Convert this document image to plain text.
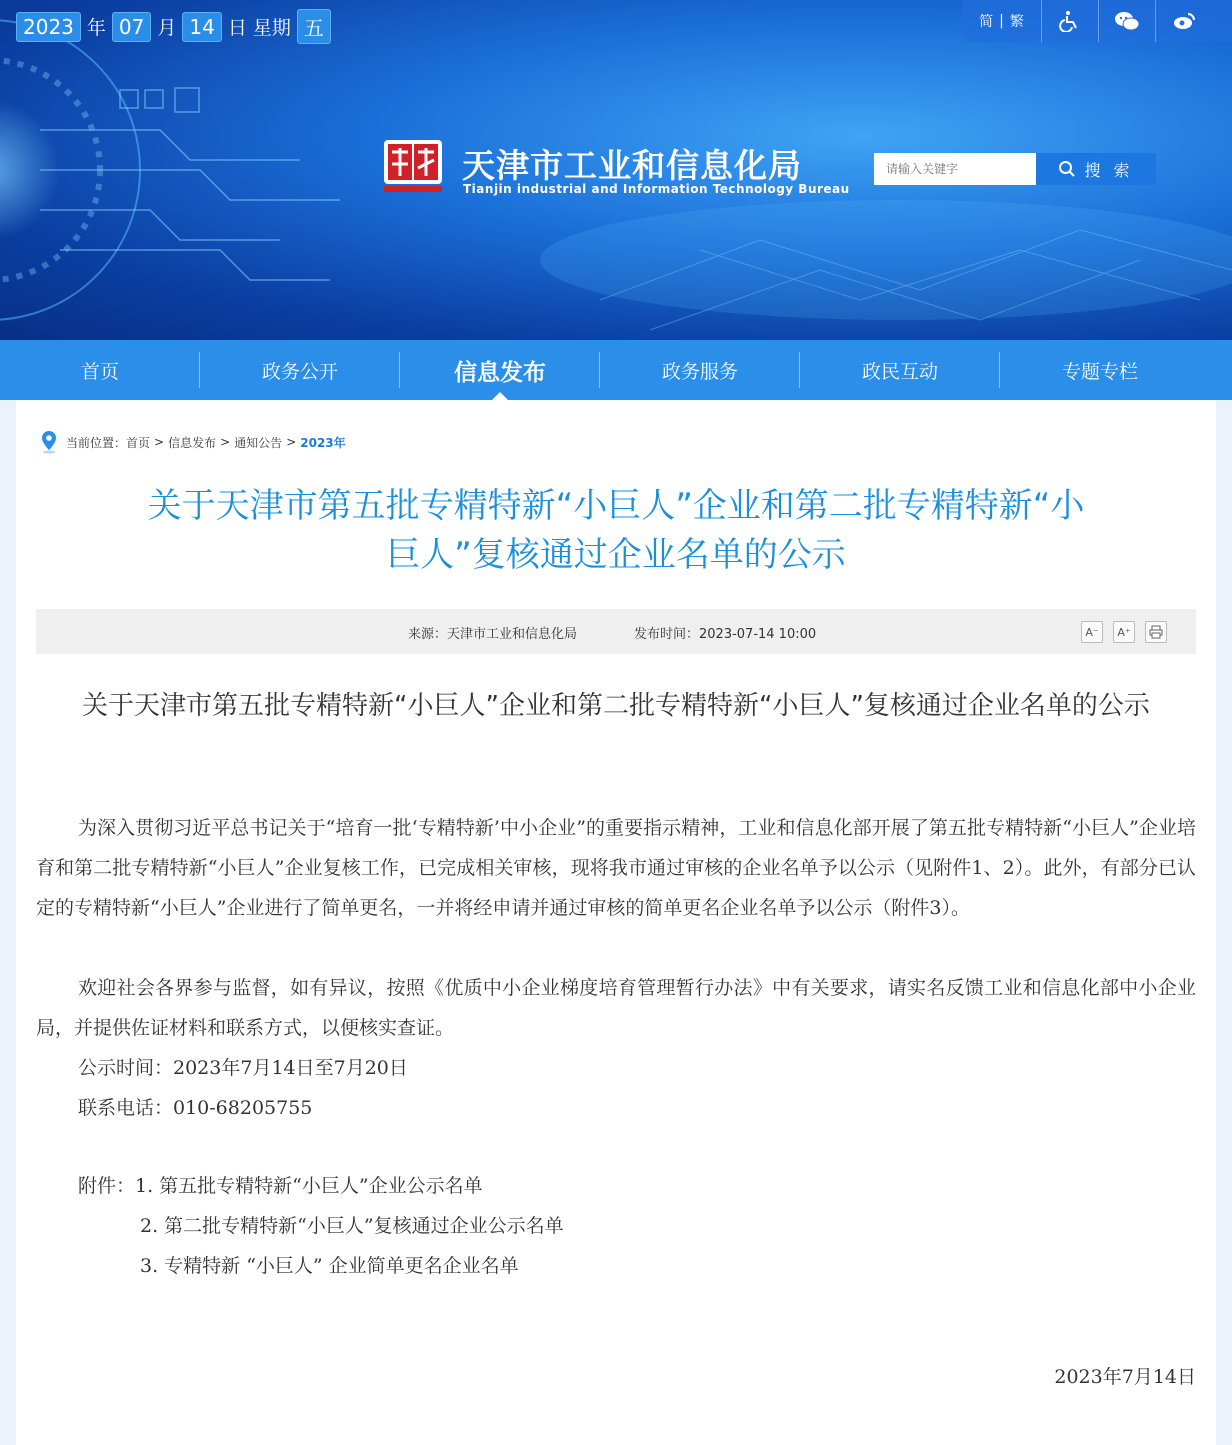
2023 年 07 月 14 日 星期 五	简 | 繁
天津市工业和信息化局
Tianjin industrial and Information Technology Bureau
请输入关键字
搜 索
首页	政务公开	信息发布	政务服务	政民互动	专题专栏
当前位置： 首页 > 信息发布 > 通知公告 > 2023年
关于天津市第五批专精特新“小巨人”企业和第二批专精特新“小
巨人”复核通过企业名单的公示
来源：天津市工业和信息化局	发布时间：2023-07-14 10:00	A⁻	A⁺
关于天津市第五批专精特新“小巨人”企业和第二批专精特新“小巨人”复核通过企业名单的公示
为深入贯彻习近平总书记关于“培育一批‘专精特新’中小企业”的重要指示精神，工业和信息化部开展了第五批专精特新“小巨人”企业培育和第二批专精特新“小巨人”企业复核工作，已完成相关审核，现将我市通过审核的企业名单予以公示（见附件1、2）。此外，有部分已认定的专精特新“小巨人”企业进行了简单更名，一并将经申请并通过审核的简单更名企业名单予以公示（附件3）。
欢迎社会各界参与监督，如有异议，按照《优质中小企业梯度培育管理暂行办法》中有关要求，请实名反馈工业和信息化部中小企业局，并提供佐证材料和联系方式，以便核实查证。
公示时间：2023年7月14日至7月20日
联系电话：010-68205755
附件：1. 第五批专精特新“小巨人”企业公示名单
2. 第二批专精特新“小巨人”复核通过企业公示名单
3. 专精特新 “小巨人” 企业简单更名企业名单
2023年7月14日
